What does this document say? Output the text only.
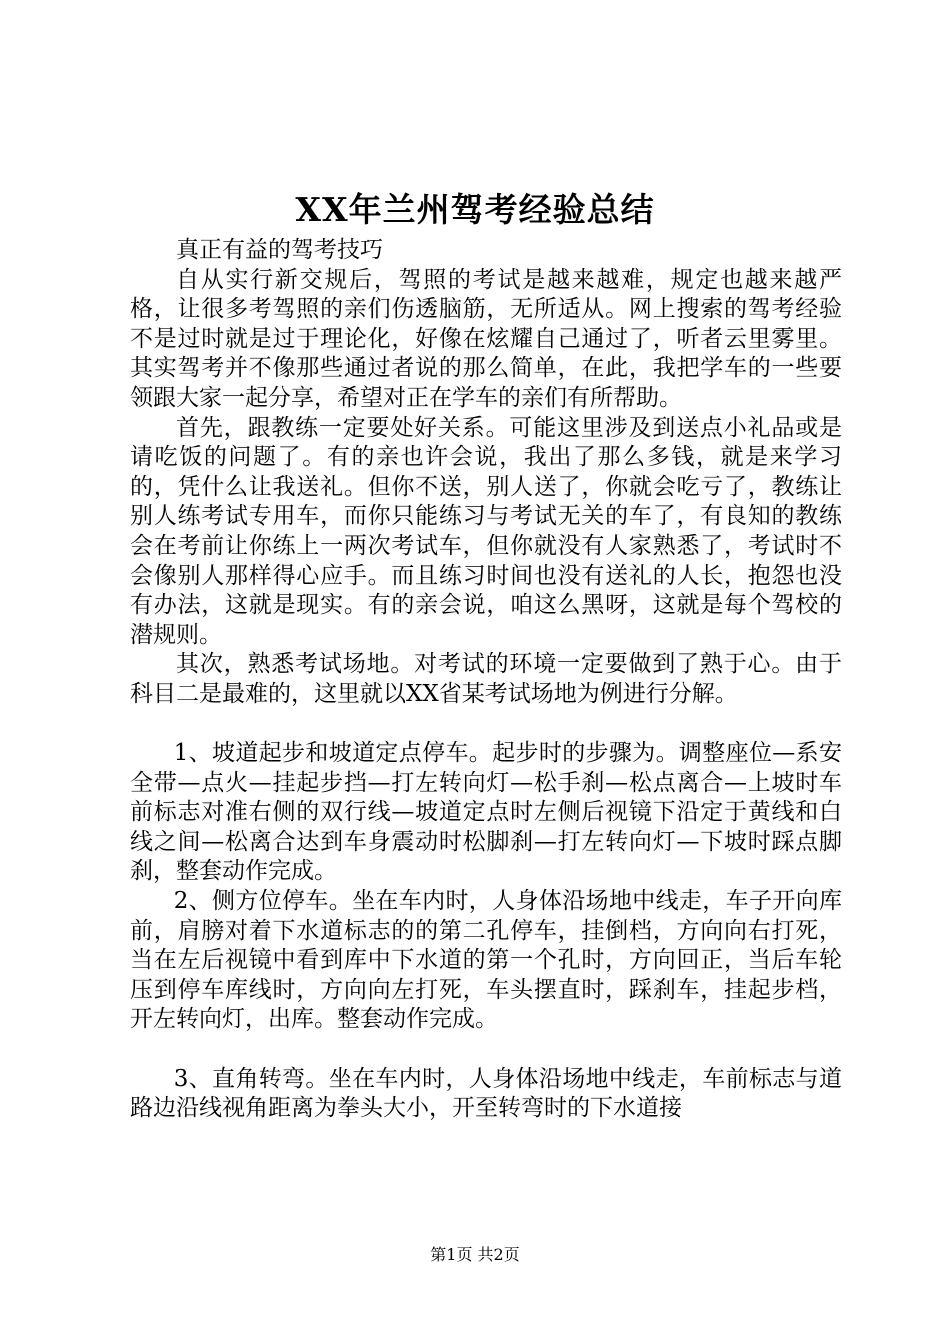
XX年兰州驾考经验总结

真正有益的驾考技巧

自从实行新交规后，驾照的考试是越来越难，规定也越来越严格，让很多考驾照的亲们伤透脑筋，无所适从。网上搜索的驾考经验不是过时就是过于理论化，好像在炫耀自己通过了，听者云里雾里。其实驾考并不像那些通过者说的那么简单，在此，我把学车的一些要领跟大家一起分享，希望对正在学车的亲们有所帮助。

首先，跟教练一定要处好关系。可能这里涉及到送点小礼品或是请吃饭的问题了。有的亲也许会说，我出了那么多钱，就是来学习的，凭什么让我送礼。但你不送，别人送了，你就会吃亏了，教练让别人练考试专用车，而你只能练习与考试无关的车了，有良知的教练会在考前让你练上一两次考试车，但你就没有人家熟悉了，考试时不会像别人那样得心应手。而且练习时间也没有送礼的人长，抱怨也没有办法，这就是现实。有的亲会说，咱这么黑呀，这就是每个驾校的潜规则。

其次，熟悉考试场地。对考试的环境一定要做到了熟于心。由于科目二是最难的，这里就以XX省某考试场地为例进行分解。

1、坡道起步和坡道定点停车。起步时的步骤为。调整座位—系安全带—点火—挂起步挡—打左转向灯—松手刹—松点离合—上坡时车前标志对准右侧的双行线—坡道定点时左侧后视镜下沿定于黄线和白线之间—松离合达到车身震动时松脚刹—打左转向灯—下坡时踩点脚刹，整套动作完成。

2、侧方位停车。坐在车内时，人身体沿场地中线走，车子开向库前，肩膀对着下水道标志的的第二孔停车，挂倒档，方向向右打死，当在左后视镜中看到库中下水道的第一个孔时，方向回正，当后车轮压到停车库线时，方向向左打死，车头摆直时，踩刹车，挂起步档，开左转向灯，出库。整套动作完成。

3、直角转弯。坐在车内时，人身体沿场地中线走，车前标志与道路边沿线视角距离为拳头大小，开至转弯时的下水道接

第1页 共2页
